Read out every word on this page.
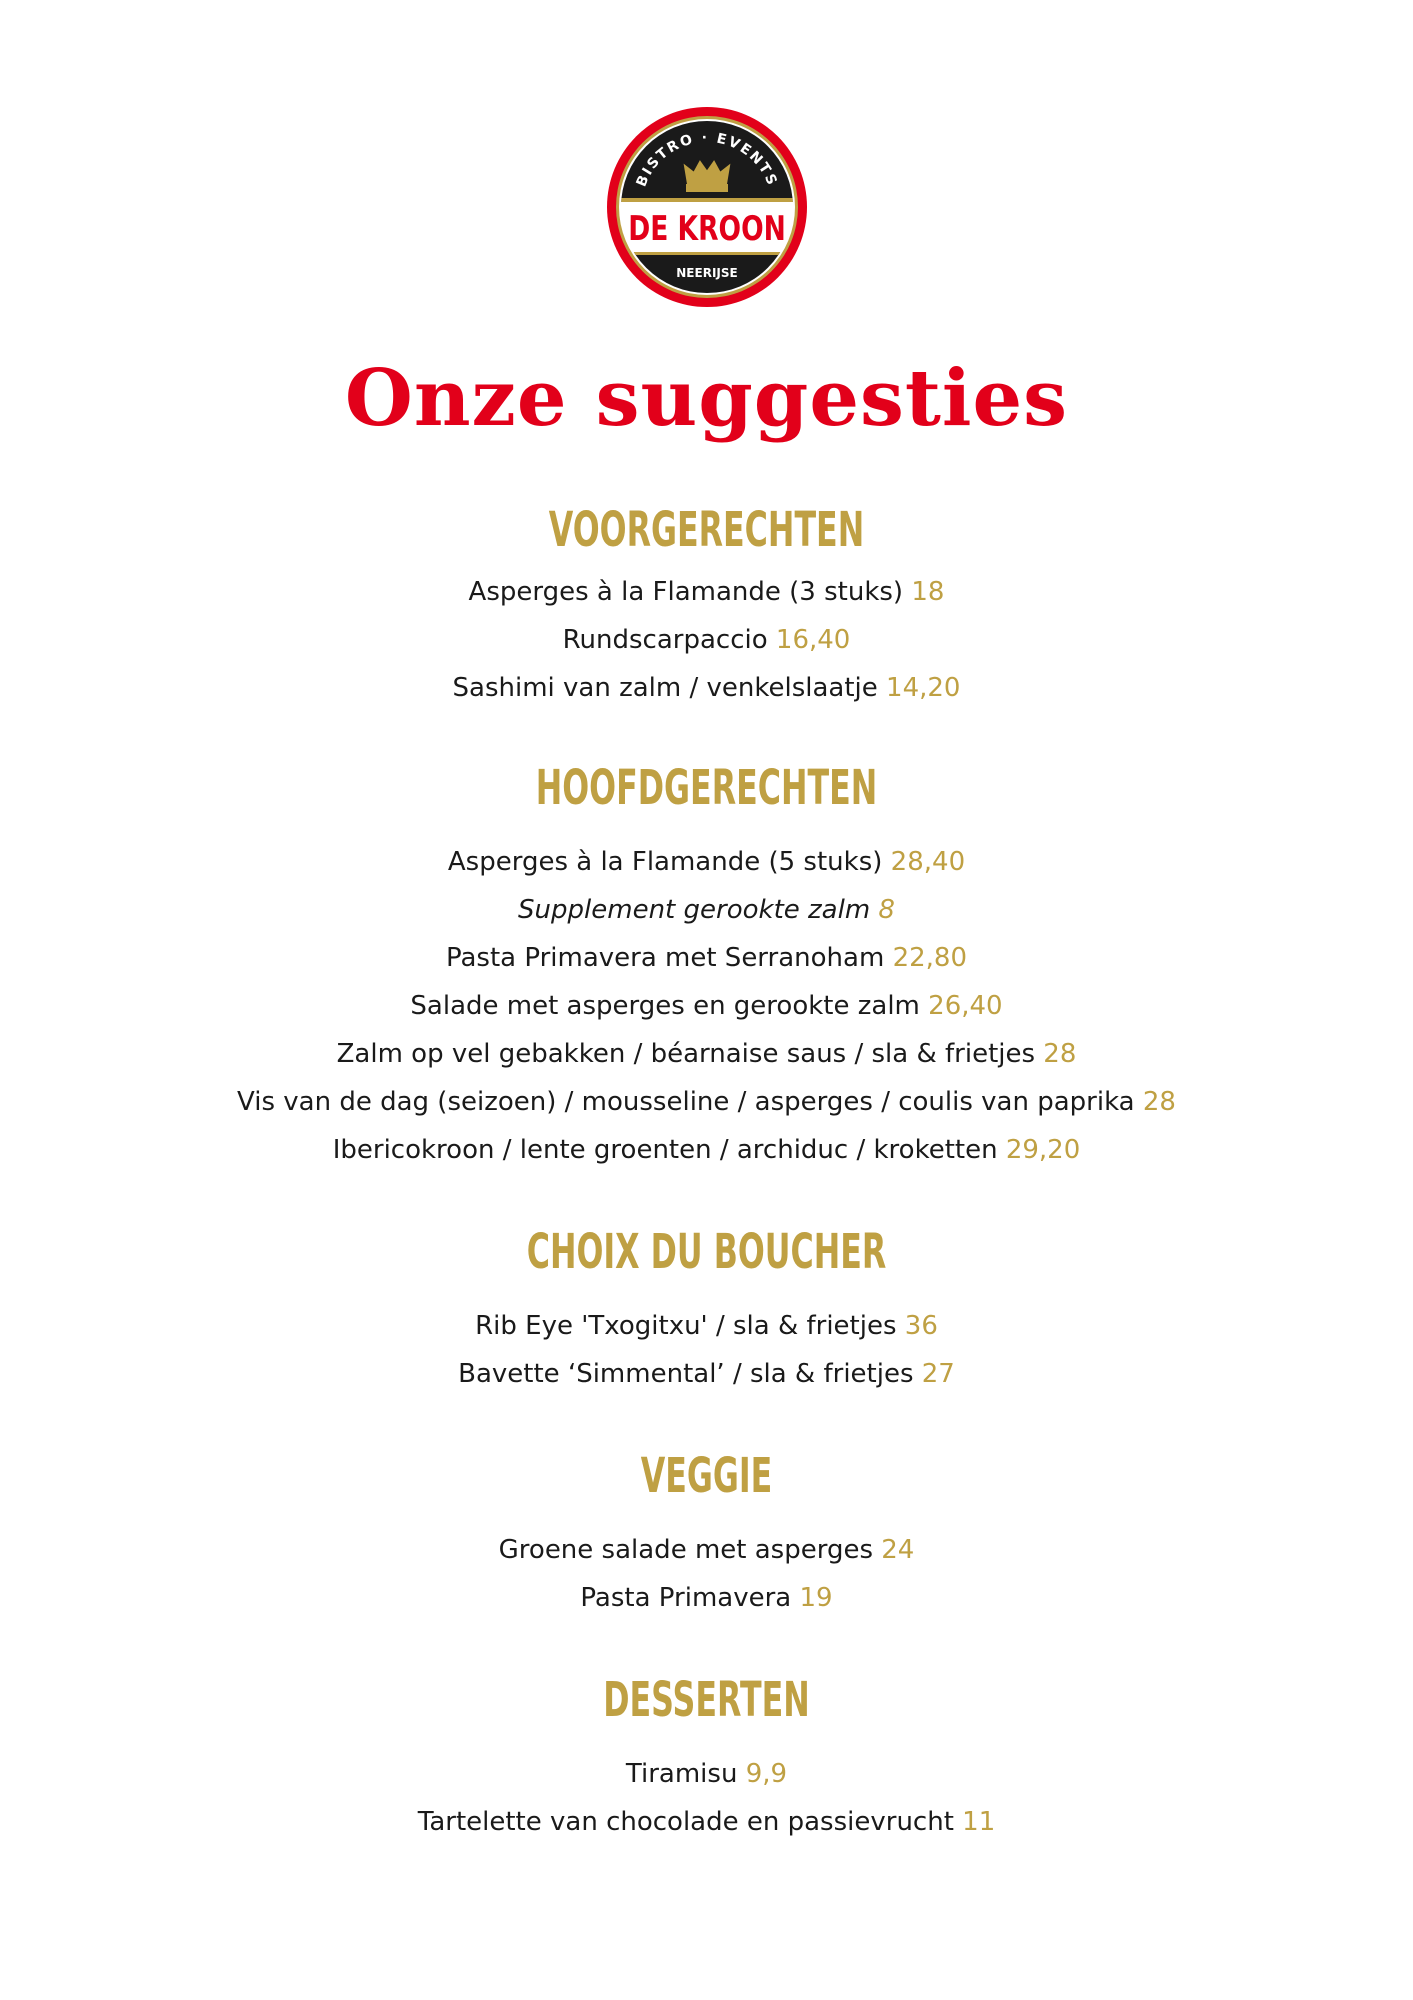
BISTRO · EVENTS
DE KROON
NEERIJSE
Onze suggesties
VOORGERECHTEN
Asperges à la Flamande (3 stuks) 18
Rundscarpaccio 16,40
Sashimi van zalm / venkelslaatje 14,20
HOOFDGERECHTEN
Asperges à la Flamande (5 stuks) 28,40
Supplement gerookte zalm 8
Pasta Primavera met Serranoham 22,80
Salade met asperges en gerookte zalm 26,40
Zalm op vel gebakken / béarnaise saus / sla & frietjes 28
Vis van de dag (seizoen) / mousseline / asperges / coulis van paprika 28
Ibericokroon / lente groenten / archiduc / kroketten 29,20
CHOIX DU BOUCHER
Rib Eye 'Txogitxu' / sla & frietjes 36
Bavette ‘Simmental’ / sla & frietjes 27
VEGGIE
Groene salade met asperges 24
Pasta Primavera 19
DESSERTEN
Tiramisu 9,9
Tartelette van chocolade en passievrucht 11
